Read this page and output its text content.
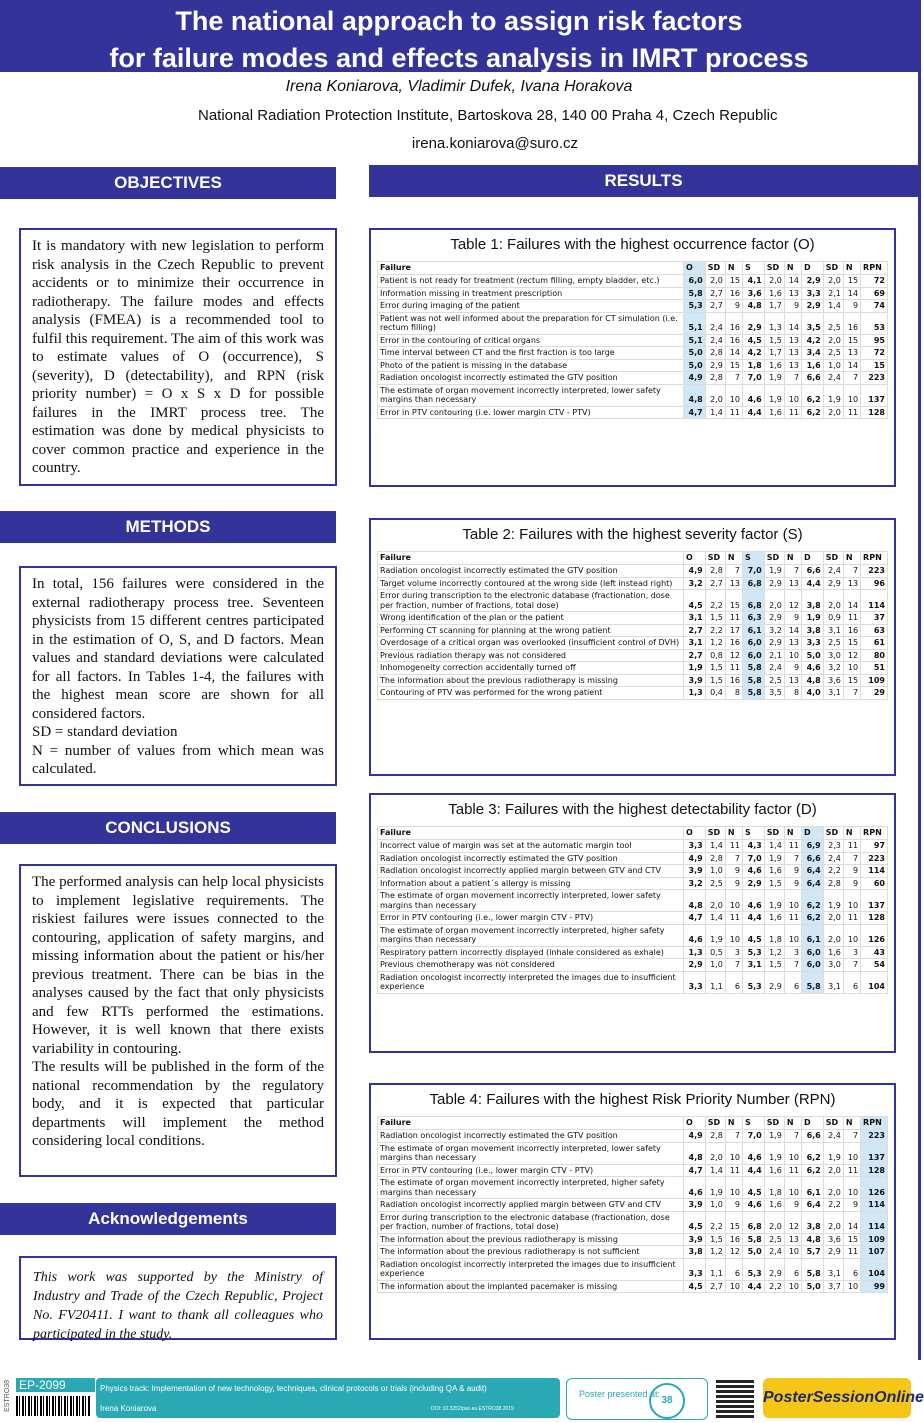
The national approach to assign risk factors
for failure modes and effects analysis in IMRT process
Irena Koniarova, Vladimir Dufek, Ivana Horakova
National Radiation Protection Institute, Bartoskova 28, 140 00 Praha 4, Czech Republic
irena.koniarova@suro.cz
OBJECTIVES

It is mandatory with new legislation to perform risk analysis in the Czech Republic to prevent accidents or to minimize their occurrence in radiotherapy. The failure modes and effects analysis (FMEA) is a recommended tool to fulfil this requirement. The aim of this work was to estimate values of O (occurrence), S (severity), D (detectability), and RPN (risk priority number) = O x S x D for possible failures in the IMRT process tree. The estimation was done by medical physicists to cover common practice and experience in the country.

METHODS

In total, 156 failures were considered in the external radiotherapy process tree. Seventeen physicists from 15 different centres participated in the estimation of O, S, and D factors. Mean values and standard deviations were calculated for all factors. In Tables 1-4, the failures with the highest mean score are shown for all considered factors.

SD = standard deviation

N = number of values from which mean was calculated.

CONCLUSIONS

The performed analysis can help local physicists to implement legislative requirements. The riskiest failures were issues connected to the contouring, application of safety margins, and missing information about the patient or his/her previous treatment. There can be bias in the analyses caused by the fact that only physicists and few RTTs performed the estimations. However, it is well known that there exists variability in contouring.

The results will be published in the form of the national recommendation by the regulatory body, and it is expected that particular departments will implement the method considering local conditions.

Acknowledgements

This work was supported by the Ministry of Industry and Trade of the Czech Republic, Project No. FV20411. I want to thank all colleagues who participated in the study.

RESULTS
Table 1: Failures with the highest occurrence factor (O)
Failure	O	SD	N	S	SD	N	D	SD	N	RPN
Patient is not ready for treatment (rectum filling, empty bladder, etc.)	6,0	2,0	15	4,1	2,0	14	2,9	2,0	15	72
Information missing in treatment prescription	5,8	2,7	16	3,6	1,6	13	3,3	2,1	14	69
Error during imaging of the patient	5,3	2,7	9	4,8	1,7	9	2,9	1,4	9	74
Patient was not well informed about the preparation for CT simulation (i.e. rectum filling)	5,1	2,4	16	2,9	1,3	14	3,5	2,5	16	53
Error in the contouring of critical organs	5,1	2,4	16	4,5	1,5	13	4,2	2,0	15	95
Time interval between CT and the first fraction is too large	5,0	2,8	14	4,2	1,7	13	3,4	2,5	13	72
Photo of the patient is missing in the database	5,0	2,9	15	1,8	1,6	13	1,6	1,0	14	15
Radiation oncologist incorrectly estimated the GTV position	4,9	2,8	7	7,0	1,9	7	6,6	2,4	7	223
The estimate of organ movement incorrectly interpreted, lower safety margins than necessary	4,8	2,0	10	4,6	1,9	10	6,2	1,9	10	137
Error in PTV contouring (i.e. lower margin CTV - PTV)	4,7	1,4	11	4,4	1,6	11	6,2	2,0	11	128
Table 2: Failures with the highest severity factor (S)
Failure	O	SD	N	S	SD	N	D	SD	N	RPN
Radiation oncologist incorrectly estimated the GTV position	4,9	2,8	7	7,0	1,9	7	6,6	2,4	7	223
Target volume incorrectly contoured at the wrong side (left instead right)	3,2	2,7	13	6,8	2,9	13	4,4	2,9	13	96
Error during transcription to the electronic database (fractionation, dose per fraction, number of fractions, total dose)	4,5	2,2	15	6,8	2,0	12	3,8	2,0	14	114
Wrong identification of the plan or the patient	3,1	1,5	11	6,3	2,9	9	1,9	0,9	11	37
Performing CT scanning for planning at the wrong patient	2,7	2,2	17	6,1	3,2	14	3,8	3,1	16	63
Overdosage of a critical organ was overlooked (insufficient control of DVH)	3,1	1,2	16	6,0	2,9	13	3,3	2,5	15	61
Previous radiation therapy was not considered	2,7	0,8	12	6,0	2,1	10	5,0	3,0	12	80
Inhomogeneity correction accidentally turned off	1,9	1,5	11	5,8	2,4	9	4,6	3,2	10	51
The information about the previous radiotherapy is missing	3,9	1,5	16	5,8	2,5	13	4,8	3,6	15	109
Contouring of PTV was performed for the wrong patient	1,3	0,4	8	5,8	3,5	8	4,0	3,1	7	29
Table 3: Failures with the highest detectability factor (D)
Failure	O	SD	N	S	SD	N	D	SD	N	RPN
Incorrect value of margin was set at the automatic margin tool	3,3	1,4	11	4,3	1,4	11	6,9	2,3	11	97
Radiation oncologist incorrectly estimated the GTV position	4,9	2,8	7	7,0	1,9	7	6,6	2,4	7	223
Radiation oncologist incorrectly applied margin between GTV and CTV	3,9	1,0	9	4,6	1,6	9	6,4	2,2	9	114
Information about a patient´s allergy is missing	3,2	2,5	9	2,9	1,5	9	6,4	2,8	9	60
The estimate of organ movement incorrectly interpreted, lower safety margins than necessary	4,8	2,0	10	4,6	1,9	10	6,2	1,9	10	137
Error in PTV contouring (i.e., lower margin CTV - PTV)	4,7	1,4	11	4,4	1,6	11	6,2	2,0	11	128
The estimate of organ movement incorrectly interpreted, higher safety margins than necessary	4,6	1,9	10	4,5	1,8	10	6,1	2,0	10	126
Respiratory pattern incorrectly displayed (inhale considered as exhale)	1,3	0,5	3	5,3	1,2	3	6,0	1,6	3	43
Previous chemotherapy was not considered	2,9	1,0	7	3,1	1,5	7	6,0	3,0	7	54
Radiation oncologist incorrectly interpreted the images due to insufficient experience	3,3	1,1	6	5,3	2,9	6	5,8	3,1	6	104
Table 4: Failures with the highest Risk Priority Number (RPN)
Failure	O	SD	N	S	SD	N	D	SD	N	RPN
Radiation oncologist incorrectly estimated the GTV position	4,9	2,8	7	7,0	1,9	7	6,6	2,4	7	223
The estimate of organ movement incorrectly interpreted, lower safety margins than necessary	4,8	2,0	10	4,6	1,9	10	6,2	1,9	10	137
Error in PTV contouring (i.e., lower margin CTV - PTV)	4,7	1,4	11	4,4	1,6	11	6,2	2,0	11	128
The estimate of organ movement incorrectly interpreted, higher safety margins than necessary	4,6	1,9	10	4,5	1,8	10	6,1	2,0	10	126
Radiation oncologist incorrectly applied margin between GTV and CTV	3,9	1,0	9	4,6	1,6	9	6,4	2,2	9	114
Error during transcription to the electronic database (fractionation, dose per fraction, number of fractions, total dose)	4,5	2,2	15	6,8	2,0	12	3,8	2,0	14	114
The information about the previous radiotherapy is missing	3,9	1,5	16	5,8	2,5	13	4,8	3,6	15	109
The information about the previous radiotherapy is not sufficient	3,8	1,2	12	5,0	2,4	10	5,7	2,9	11	107
Radiation oncologist incorrectly interpreted the images due to insufficient experience	3,3	1,1	6	5,3	2,9	6	5,8	3,1	6	104
The information about the implanted pacemaker is missing	4,5	2,7	10	4,4	2,2	10	5,0	3,7	10	99
EP-2099	Physics track: Implementation of new technology, techniques, clinical protocols or trials (including QA & audit)
Irena Koniarova	DOI: 10.3252/pso.eu.ESTRO38.2019
Poster presented at:
38	PosterSessionOnline
ESTRO38
